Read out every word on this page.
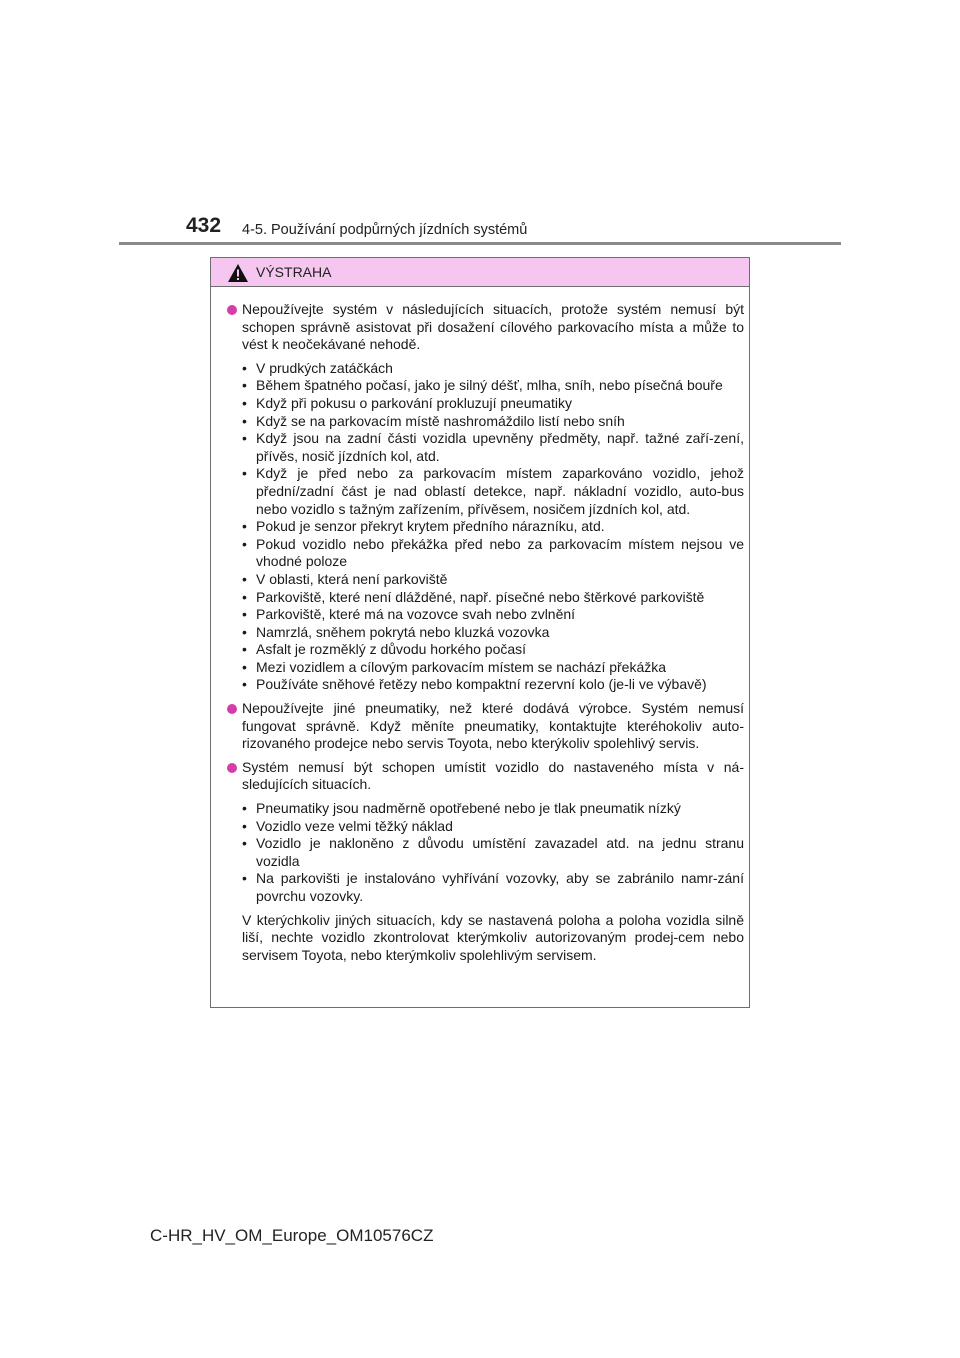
432 4-5. Používání podpůrných jízdních systémů
VÝSTRAHA
Nepoužívejte systém v následujících situacích, protože systém nemusí být schopen správně asistovat při dosažení cílového parkovacího místa a může to vést k neočekávané nehodě.
• V prudkých zatáčkách
• Během špatného počasí, jako je silný déšť, mlha, sníh, nebo písečná bouře
• Když při pokusu o parkování prokluzují pneumatiky
• Když se na parkovacím místě nashromáždilo listí nebo sníh
• Když jsou na zadní části vozidla upevněny předměty, např. tažné zaří-zení, přívěs, nosič jízdních kol, atd.
• Když je před nebo za parkovacím místem zaparkováno vozidlo, jehož přední/zadní část je nad oblastí detekce, např. nákladní vozidlo, auto-bus nebo vozidlo s tažným zařízením, přívěsem, nosičem jízdních kol, atd.
• Pokud je senzor překryt krytem předního nárazníku, atd.
• Pokud vozidlo nebo překážka před nebo za parkovacím místem nejsou ve vhodné poloze
• V oblasti, která není parkoviště
• Parkoviště, které není dlážděné, např. písečné nebo štěrkové parkoviště
• Parkoviště, které má na vozovce svah nebo zvlnění
• Namrzlá, sněhem pokrytá nebo kluzká vozovka
• Asfalt je rozměklý z důvodu horkého počasí
• Mezi vozidlem a cílovým parkovacím místem se nachází překážka
• Používáte sněhové řetězy nebo kompaktní rezervní kolo (je-li ve výbavě)
Nepoužívejte jiné pneumatiky, než které dodává výrobce. Systém nemusí fungovat správně. Když měníte pneumatiky, kontaktujte kteréhokoliv auto-rizovaného prodejce nebo servis Toyota, nebo kterýkoliv spolehlivý servis.
Systém nemusí být schopen umístit vozidlo do nastaveného místa v ná-sledujících situacích.
• Pneumatiky jsou nadměrně opotřebené nebo je tlak pneumatik nízký
• Vozidlo veze velmi těžký náklad
• Vozidlo je nakloněno z důvodu umístění zavazadel atd. na jednu stranu vozidla
• Na parkovišti je instalováno vyhřívání vozovky, aby se zabránilo namr-zání povrchu vozovky.
V kterýchkoliv jiných situacích, kdy se nastavená poloha a poloha vozidla silně liší, nechte vozidlo zkontrolovat kterýmkoliv autorizovaným prodej-cem nebo servisem Toyota, nebo kterýmkoliv spolehlivým servisem.
C-HR_HV_OM_Europe_OM10576CZ
